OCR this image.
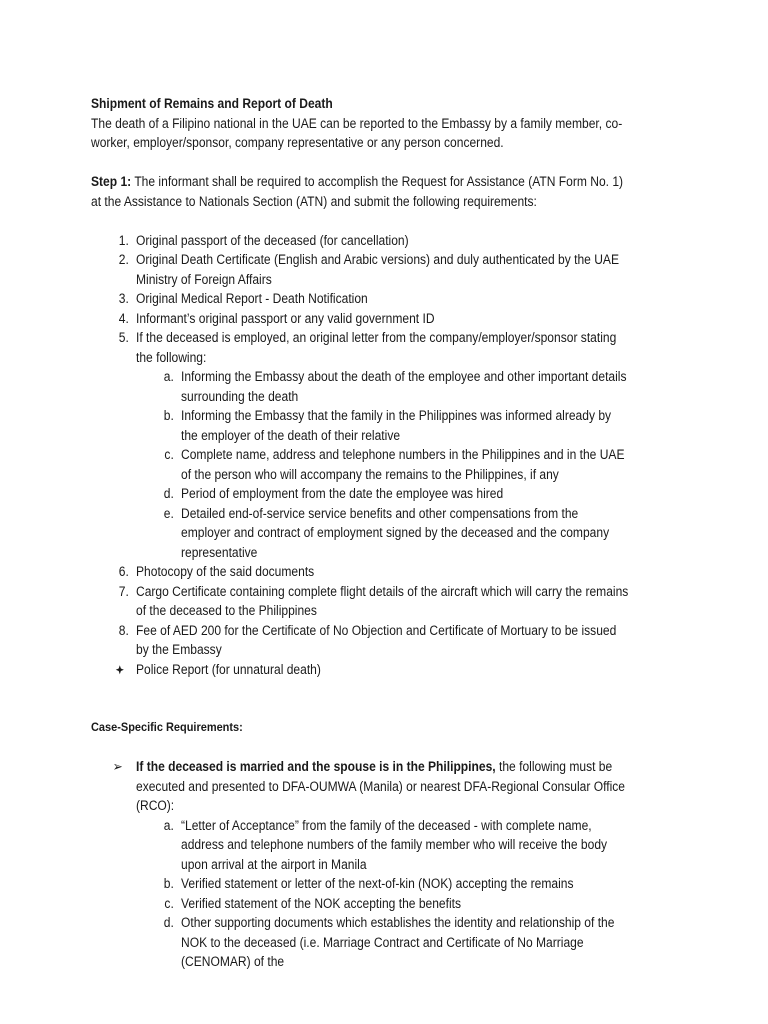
Shipment of Remains and Report of Death

The death of a Filipino national in the UAE can be reported to the Embassy by a family member, co-worker, employer/sponsor, company representative or any person concerned.

Step 1: The informant shall be required to accomplish the Request for Assistance (ATN Form No. 1) at the Assistance to Nationals Section (ATN) and submit the following requirements:

1. Original passport of the deceased (for cancellation)
2. Original Death Certificate (English and Arabic versions) and duly authenticated by the UAE Ministry of Foreign Affairs
3. Original Medical Report - Death Notification
4. Informant’s original passport or any valid government ID
5. If the deceased is employed, an original letter from the company/employer/sponsor stating the following:
a. Informing the Embassy about the death of the employee and other important details surrounding the death
b. Informing the Embassy that the family in the Philippines was informed already by the employer of the death of their relative
c. Complete name, address and telephone numbers in the Philippines and in the UAE of the person who will accompany the remains to the Philippines, if any
d. Period of employment from the date the employee was hired
e. Detailed end-of-service service benefits and other compensations from the employer and contract of employment signed by the deceased and the company representative
6. Photocopy of the said documents
7. Cargo Certificate containing complete flight details of the aircraft which will carry the remains of the deceased to the Philippines
8. Fee of AED 200 for the Certificate of No Objection and Certificate of Mortuary to be issued by the Embassy
Police Report (for unnatural death)

Case-Specific Requirements:

➢ If the deceased is married and the spouse is in the Philippines, the following must be executed and presented to DFA-OUMWA (Manila) or nearest DFA-Regional Consular Office (RCO):
a. “Letter of Acceptance” from the family of the deceased - with complete name, address and telephone numbers of the family member who will receive the body upon arrival at the airport in Manila
b. Verified statement or letter of the next-of-kin (NOK) accepting the remains
c. Verified statement of the NOK accepting the benefits
d. Other supporting documents which establishes the identity and relationship of the NOK to the deceased (i.e. Marriage Contract and Certificate of No Marriage (CENOMAR) of the
